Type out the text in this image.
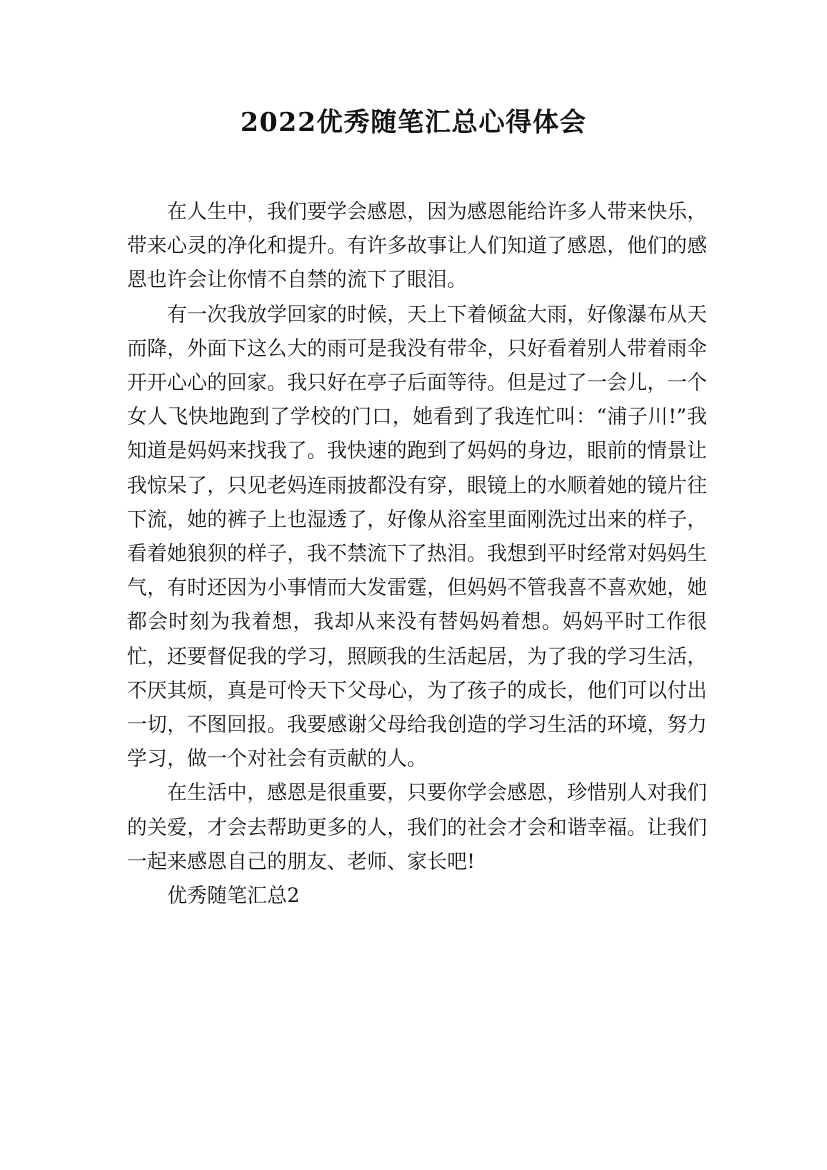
2022优秀随笔汇总心得体会

在人生中，我们要学会感恩，因为感恩能给许多人带来快乐，带来心灵的净化和提升。有许多故事让人们知道了感恩，他们的感恩也许会让你情不自禁的流下了眼泪。

有一次我放学回家的时候，天上下着倾盆大雨，好像瀑布从天而降，外面下这么大的雨可是我没有带伞，只好看着别人带着雨伞开开心心的回家。我只好在亭子后面等待。但是过了一会儿，一个女人飞快地跑到了学校的门口，她看到了我连忙叫：“浦子川!”我知道是妈妈来找我了。我快速的跑到了妈妈的身边，眼前的情景让我惊呆了，只见老妈连雨披都没有穿，眼镜上的水顺着她的镜片往下流，她的裤子上也湿透了，好像从浴室里面刚洗过出来的样子，看着她狼狈的样子，我不禁流下了热泪。我想到平时经常对妈妈生气，有时还因为小事情而大发雷霆，但妈妈不管我喜不喜欢她，她都会时刻为我着想，我却从来没有替妈妈着想。妈妈平时工作很忙，还要督促我的学习，照顾我的生活起居，为了我的学习生活，不厌其烦，真是可怜天下父母心，为了孩子的成长，他们可以付出一切，不图回报。我要感谢父母给我创造的学习生活的环境，努力学习，做一个对社会有贡献的人。

在生活中，感恩是很重要，只要你学会感恩，珍惜别人对我们的关爱，才会去帮助更多的人，我们的社会才会和谐幸福。让我们一起来感恩自己的朋友、老师、家长吧!

优秀随笔汇总2
